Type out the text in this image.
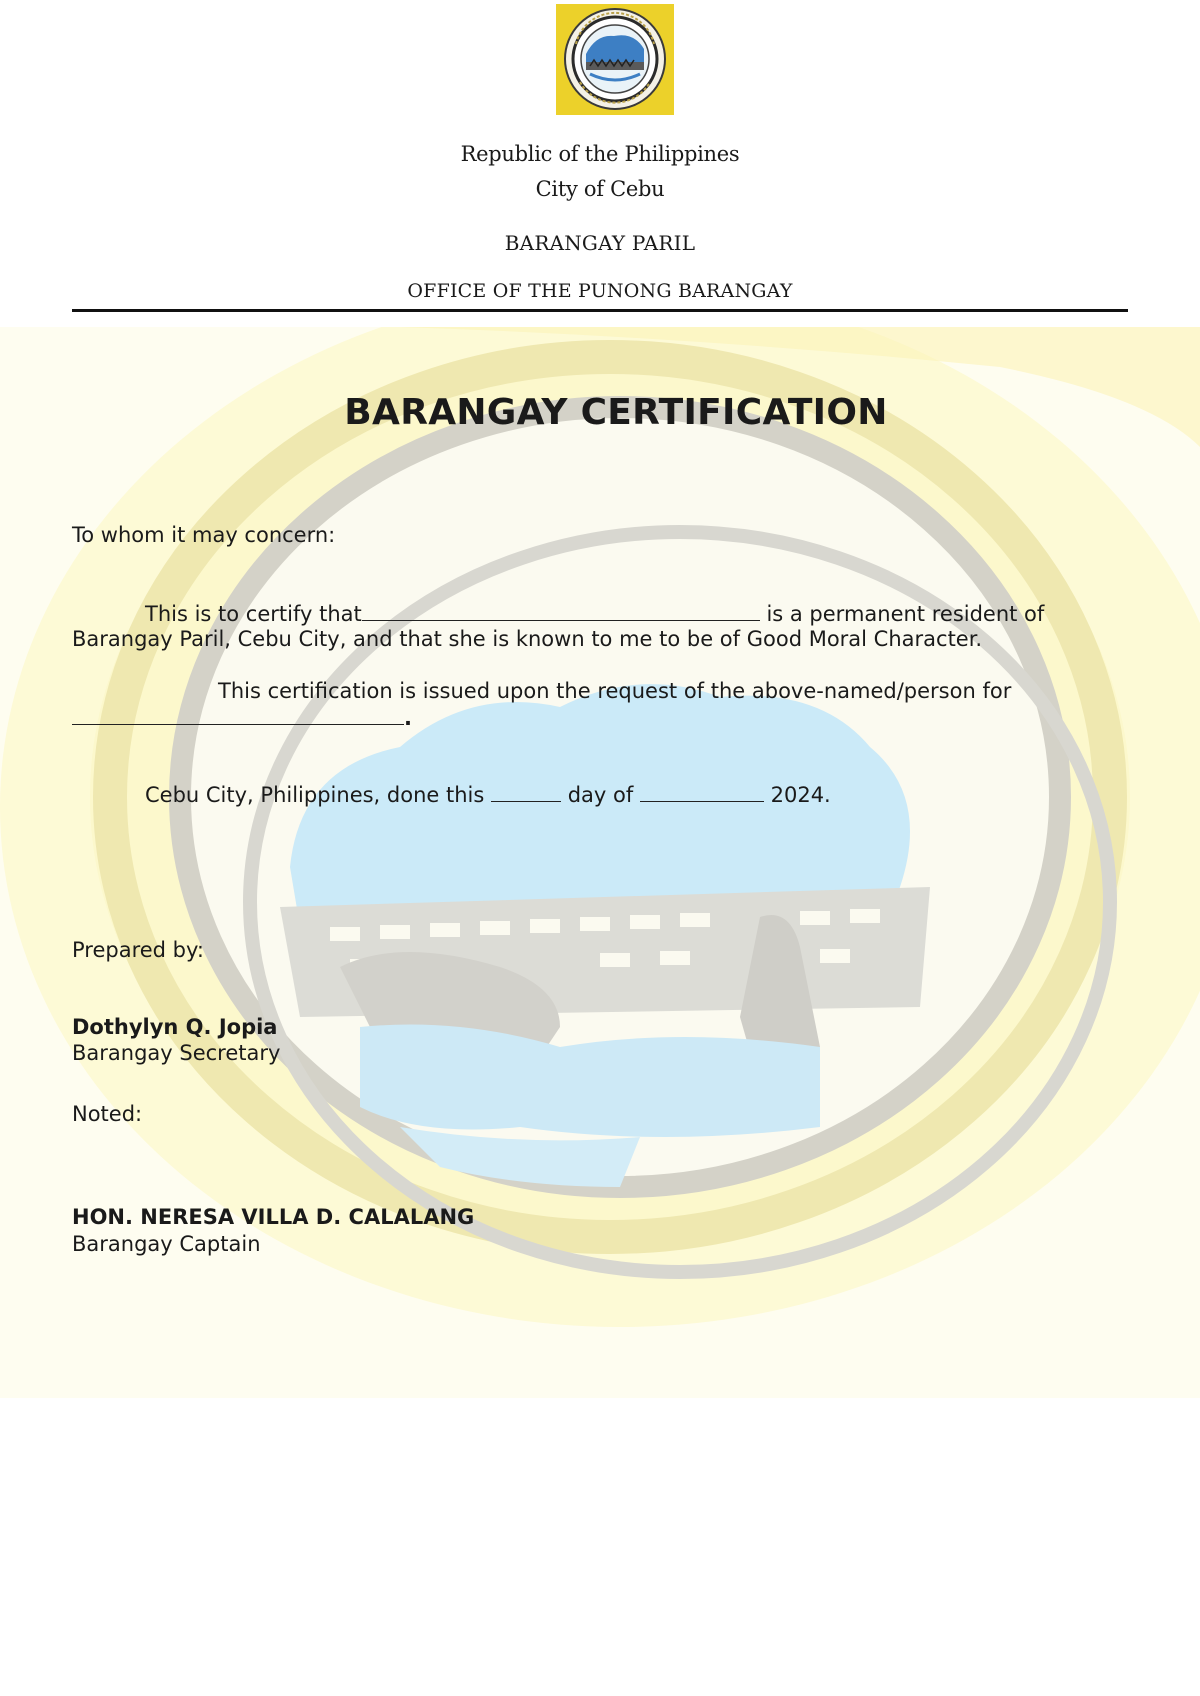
Republic of the Philippines
City of Cebu
BARANGAY PARIL
OFFICE OF THE PUNONG BARANGAY
BARANGAY CERTIFICATION
To whom it may concern:
This is to certify that	is a permanent resident of
Barangay Paril, Cebu City, and that she is known to me to be of Good Moral Character.
This certification is issued upon the request of the above-named/person for
.
Cebu City, Philippines, done this	day of	2024.
Prepared by:
Dothylyn Q. Jopia
Barangay Secretary
Noted:
HON. NERESA VILLA D. CALALANG
Barangay Captain
